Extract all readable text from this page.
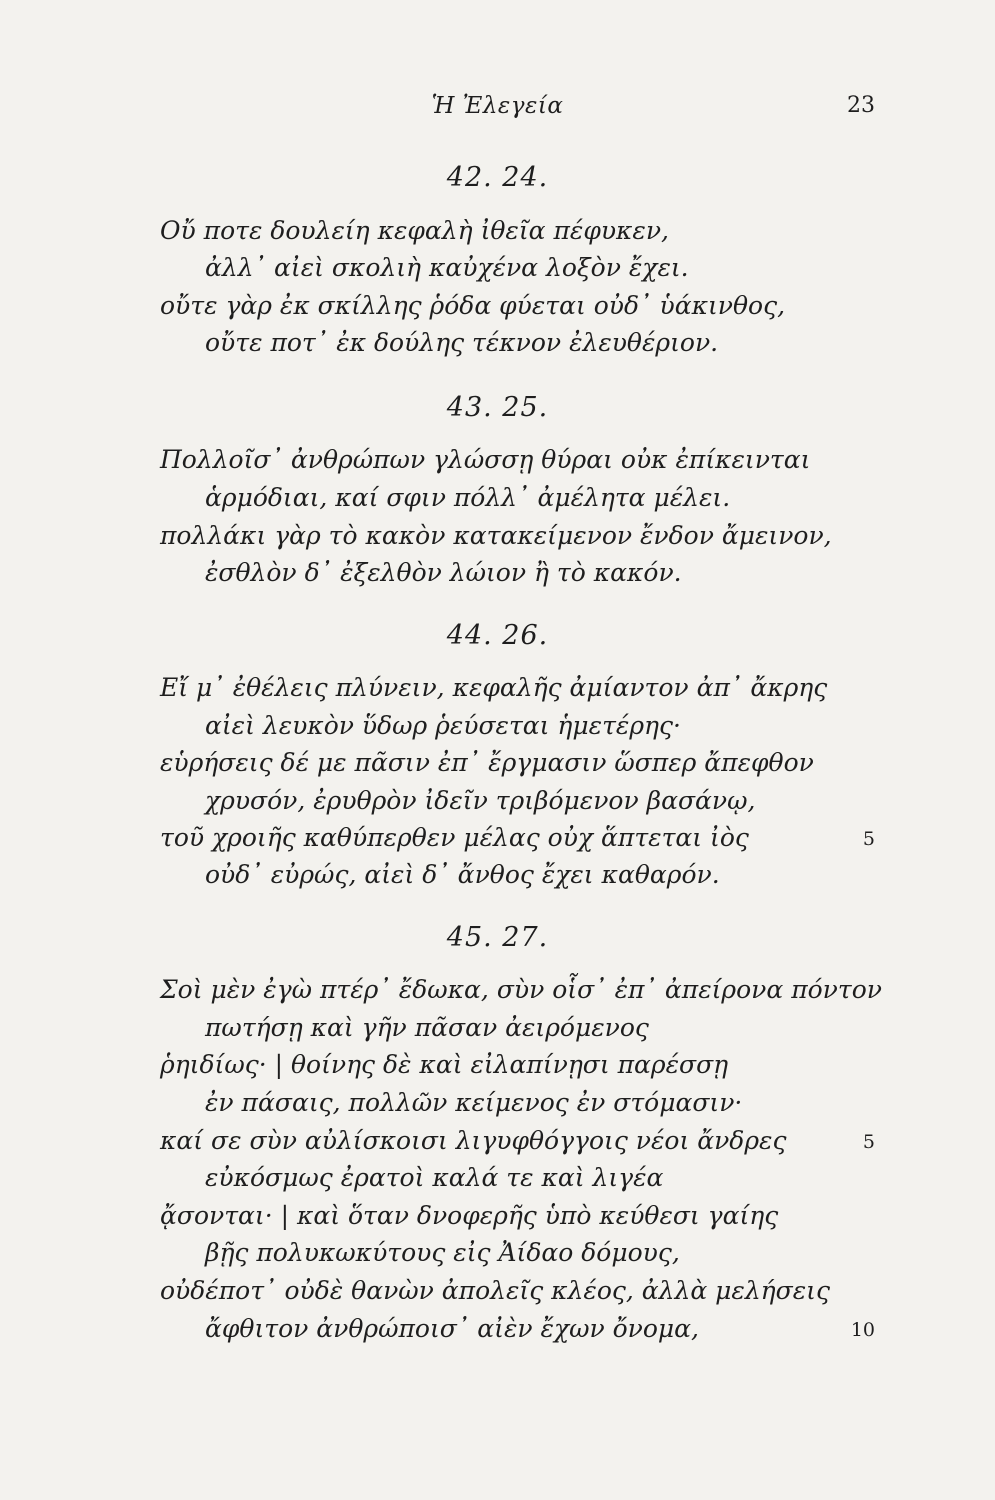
Ἡ Ἐλεγεία	23
42. 24.
Οὔ ποτε δουλείη κεφαλὴ ἰθεῖα πέφυκεν,
ἀλλ᾽ αἰεὶ σκολιὴ καὐχένα λοξὸν ἔχει.
οὔτε γὰρ ἐκ σκίλλης ῥόδα φύεται οὐδ᾽ ὑάκινθος,
οὔτε ποτ᾽ ἐκ δούλης τέκνον ἐλευθέριον.
43. 25.
Πολλοῖσ᾽ ἀνθρώπων γλώσσῃ θύραι οὐκ ἐπίκεινται
ἁρμόδιαι, καί σφιν πόλλ᾽ ἀμέλητα μέλει.
πολλάκι γὰρ τὸ κακὸν κατακείμενον ἔνδον ἄμεινον,
ἐσθλὸν δ᾽ ἐξελθὸν λώιον ἢ τὸ κακόν.
44. 26.
Εἴ μ᾽ ἐθέλεις πλύνειν, κεφαλῆς ἀμίαντον ἀπ᾽ ἄκρης
αἰεὶ λευκὸν ὕδωρ ῥεύσεται ἡμετέρης·
εὑρήσεις δέ με πᾶσιν ἐπ᾽ ἔργμασιν ὥσπερ ἄπεφθον
χρυσόν, ἐρυθρὸν ἰδεῖν τριβόμενον βασάνῳ,
τοῦ χροιῆς καθύπερθεν μέλας οὐχ ἅπτεται ἰὸς	5
οὐδ᾽ εὐρώς, αἰεὶ δ᾽ ἄνθος ἔχει καθαρόν.
45. 27.
Σοὶ μὲν ἐγὼ πτέρ᾽ ἔδωκα, σὺν οἷσ᾽ ἐπ᾽ ἀπείρονα πόντον
πωτήσῃ καὶ γῆν πᾶσαν ἀειρόμενος
ῥηιδίως· | θοίνης δὲ καὶ εἰλαπίνῃσι παρέσσῃ
ἐν πάσαις, πολλῶν κείμενος ἐν στόμασιν·
καί σε σὺν αὐλίσκοισι λιγυφθόγγοις νέοι ἄνδρες	5
εὐκόσμως ἐρατοὶ καλά τε καὶ λιγέα
ᾄσονται· | καὶ ὅταν δνοφερῆς ὑπὸ κεύθεσι γαίης
βῇς πολυκωκύτους εἰς Ἀίδαο δόμους,
οὐδέποτ᾽ οὐδὲ θανὼν ἀπολεῖς κλέος, ἀλλὰ μελήσεις
ἄφθιτον ἀνθρώποισ᾽ αἰὲν ἔχων ὄνομα,	10
